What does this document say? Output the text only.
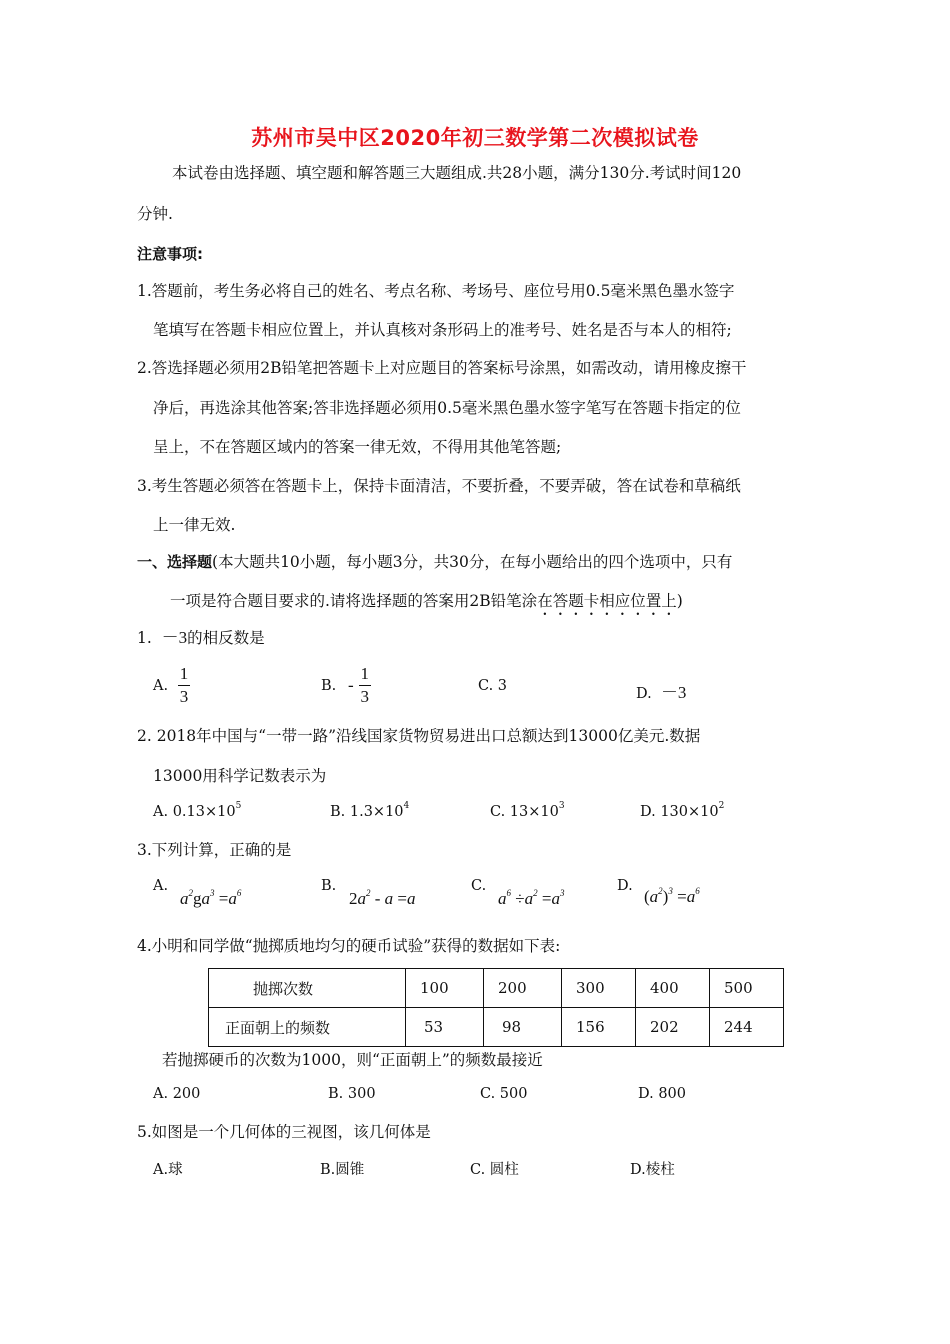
苏州市吴中区2020年初三数学第二次模拟试卷
本试卷由选择题、填空题和解答题三大题组成.共28小题，满分130分.考试时间120
分钟.
注意事项:
1.答题前，考生务必将自己的姓名、考点名称、考场号、座位号用0.5毫米黑色墨水签字
笔填写在答题卡相应位置上，并认真核对条形码上的准考号、姓名是否与本人的相符;
2.答选择题必须用2B铅笔把答题卡上对应题目的答案标号涂黑，如需改动，请用橡皮擦干
净后，再选涂其他答案;答非选择题必须用0.5毫米黑色墨水签字笔写在答题卡指定的位
呈上，不在答题区域内的答案一律无效，不得用其他笔答题;
3.考生答题必须答在答题卡上，保持卡面清洁，不要折叠，不要弄破，答在试卷和草稿纸
上一律无效.
一、选择题(本大题共10小题，每小题3分，共30分，在每小题给出的四个选项中，只有
一项是符合题目要求的.请将选择题的答案用2B铅笔涂在答题卡相应位置上)
1. －3的相反数是
A. $\frac{1}{3}$	B. - $\frac{1}{3}$	C. 3	D. －3
2. 2018年中国与“一带一路”沿线国家货物贸易进出口总额达到13000亿美元.数据
13000用科学记数表示为
A. $0.13\times 10^5$	B. $1.3\times 10^4$	C. $13\times 10^3$	D. $130\times 10^2$
3.下列计算，正确的是
A.
$a^2ga^3 =a^6$	B.
$2a^2 - a =a$
C.
$a^6 \div a^2 =a^3$	D.
$(a^2)^3 =a^6$
4.小明和同学做“抛掷质地均匀的硬币试验”获得的数据如下表:
抛掷次数	100	200	300	400	500
正面朝上的频数	53	98	156	202	244
若抛掷硬币的次数为1000，则“正面朝上”的频数最接近
A. 200	B. 300	C. 500	D. 800
5.如图是一个几何体的三视图，该几何体是
A.球	B.圆锥	C. 圆柱	D.棱柱
